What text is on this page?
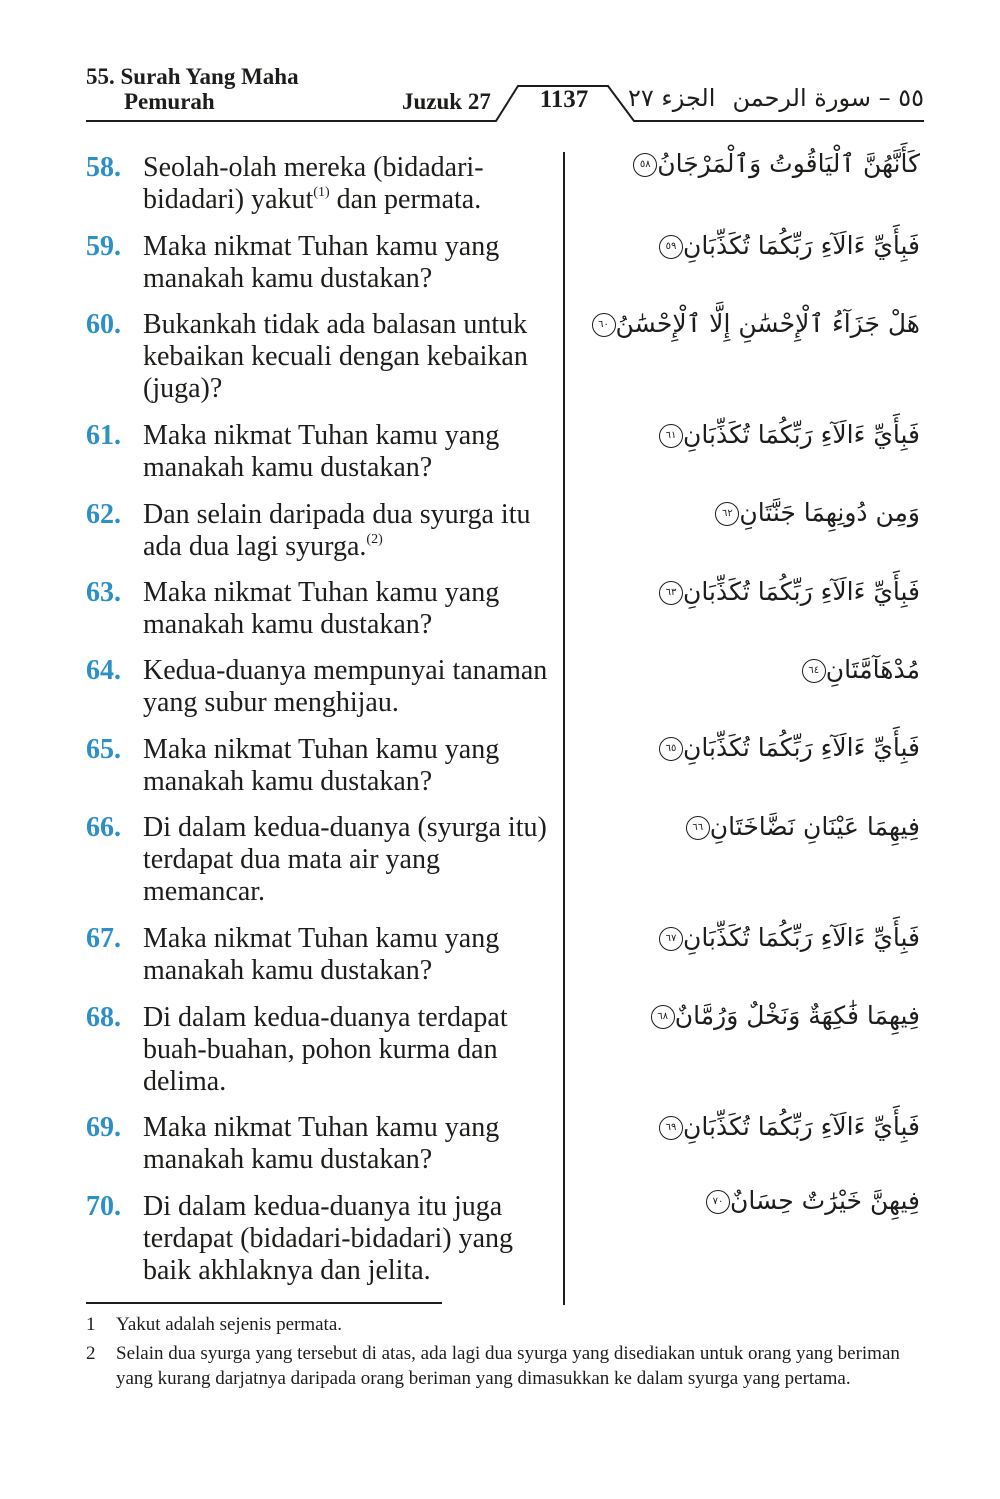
55. Surah Yang Maha
Pemurah	Juzuk 27	1137	الجزء ٢٧ ٥٥ – سورة الرحمن
58. Seolah-olah mereka (bidadari-bidadari) yakut$^{(1)}$ dan permata.
كَأَنَّهُنَّ ٱلْيَاقُوتُ وَٱلْمَرْجَانُ٥٨
59. Maka nikmat Tuhan kamu yang manakah kamu dustakan?
فَبِأَيِّ ءَالَآءِ رَبِّكُمَا تُكَذِّبَانِ٥٩
60. Bukankah tidak ada balasan untuk kebaikan kecuali dengan kebaikan (juga)?
هَلْ جَزَآءُ ٱلْإِحْسَٰنِ إِلَّا ٱلْإِحْسَٰنُ٦٠
61. Maka nikmat Tuhan kamu yang manakah kamu dustakan?
فَبِأَيِّ ءَالَآءِ رَبِّكُمَا تُكَذِّبَانِ٦١
62. Dan selain daripada dua syurga itu ada dua lagi syurga.$^{(2)}$
وَمِن دُونِهِمَا جَنَّتَانِ٦٢
63. Maka nikmat Tuhan kamu yang manakah kamu dustakan?
فَبِأَيِّ ءَالَآءِ رَبِّكُمَا تُكَذِّبَانِ٦٣
64. Kedua-duanya mempunyai tanaman yang subur menghijau.
مُدْهَآمَّتَانِ٦٤
65. Maka nikmat Tuhan kamu yang manakah kamu dustakan?
فَبِأَيِّ ءَالَآءِ رَبِّكُمَا تُكَذِّبَانِ٦٥
66. Di dalam kedua-duanya (syurga itu) terdapat dua mata air yang memancar.
فِيهِمَا عَيْنَانِ نَضَّاخَتَانِ٦٦
67. Maka nikmat Tuhan kamu yang manakah kamu dustakan?
فَبِأَيِّ ءَالَآءِ رَبِّكُمَا تُكَذِّبَانِ٦٧
68. Di dalam kedua-duanya terdapat buah-buahan, pohon kurma dan delima.
فِيهِمَا فَٰكِهَةٌ وَنَخْلٌ وَرُمَّانٌ٦٨
69. Maka nikmat Tuhan kamu yang manakah kamu dustakan?
فَبِأَيِّ ءَالَآءِ رَبِّكُمَا تُكَذِّبَانِ٦٩
70. Di dalam kedua-duanya itu juga terdapat (bidadari-bidadari) yang baik akhlaknya dan jelita.
فِيهِنَّ خَيْرَٰتٌ حِسَانٌ٧٠
1 Yakut adalah sejenis permata.
2 Selain dua syurga yang tersebut di atas, ada lagi dua syurga yang disediakan untuk orang yang beriman yang kurang darjatnya daripada orang beriman yang dimasukkan ke dalam syurga yang pertama.
